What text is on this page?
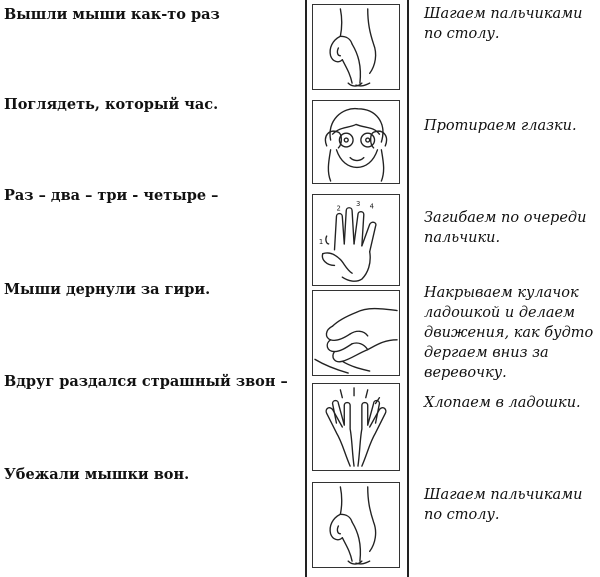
Вышли мыши как-то раз	Шагаем пальчиками по столу.
Поглядеть, который час.
Протираем глазки.
Раз – два – три - четыре –
2
3 4
1
Загибаем по очереди пальчики.
Мыши дернули за гири.	Накрываем кулачок ладошкой и делаем движения, как будто дергаем вниз за веревочку.
Вдруг раздался страшный звон –
Хлопаем в ладошки.
Убежали мышки вон.
Шагаем пальчиками по столу.
